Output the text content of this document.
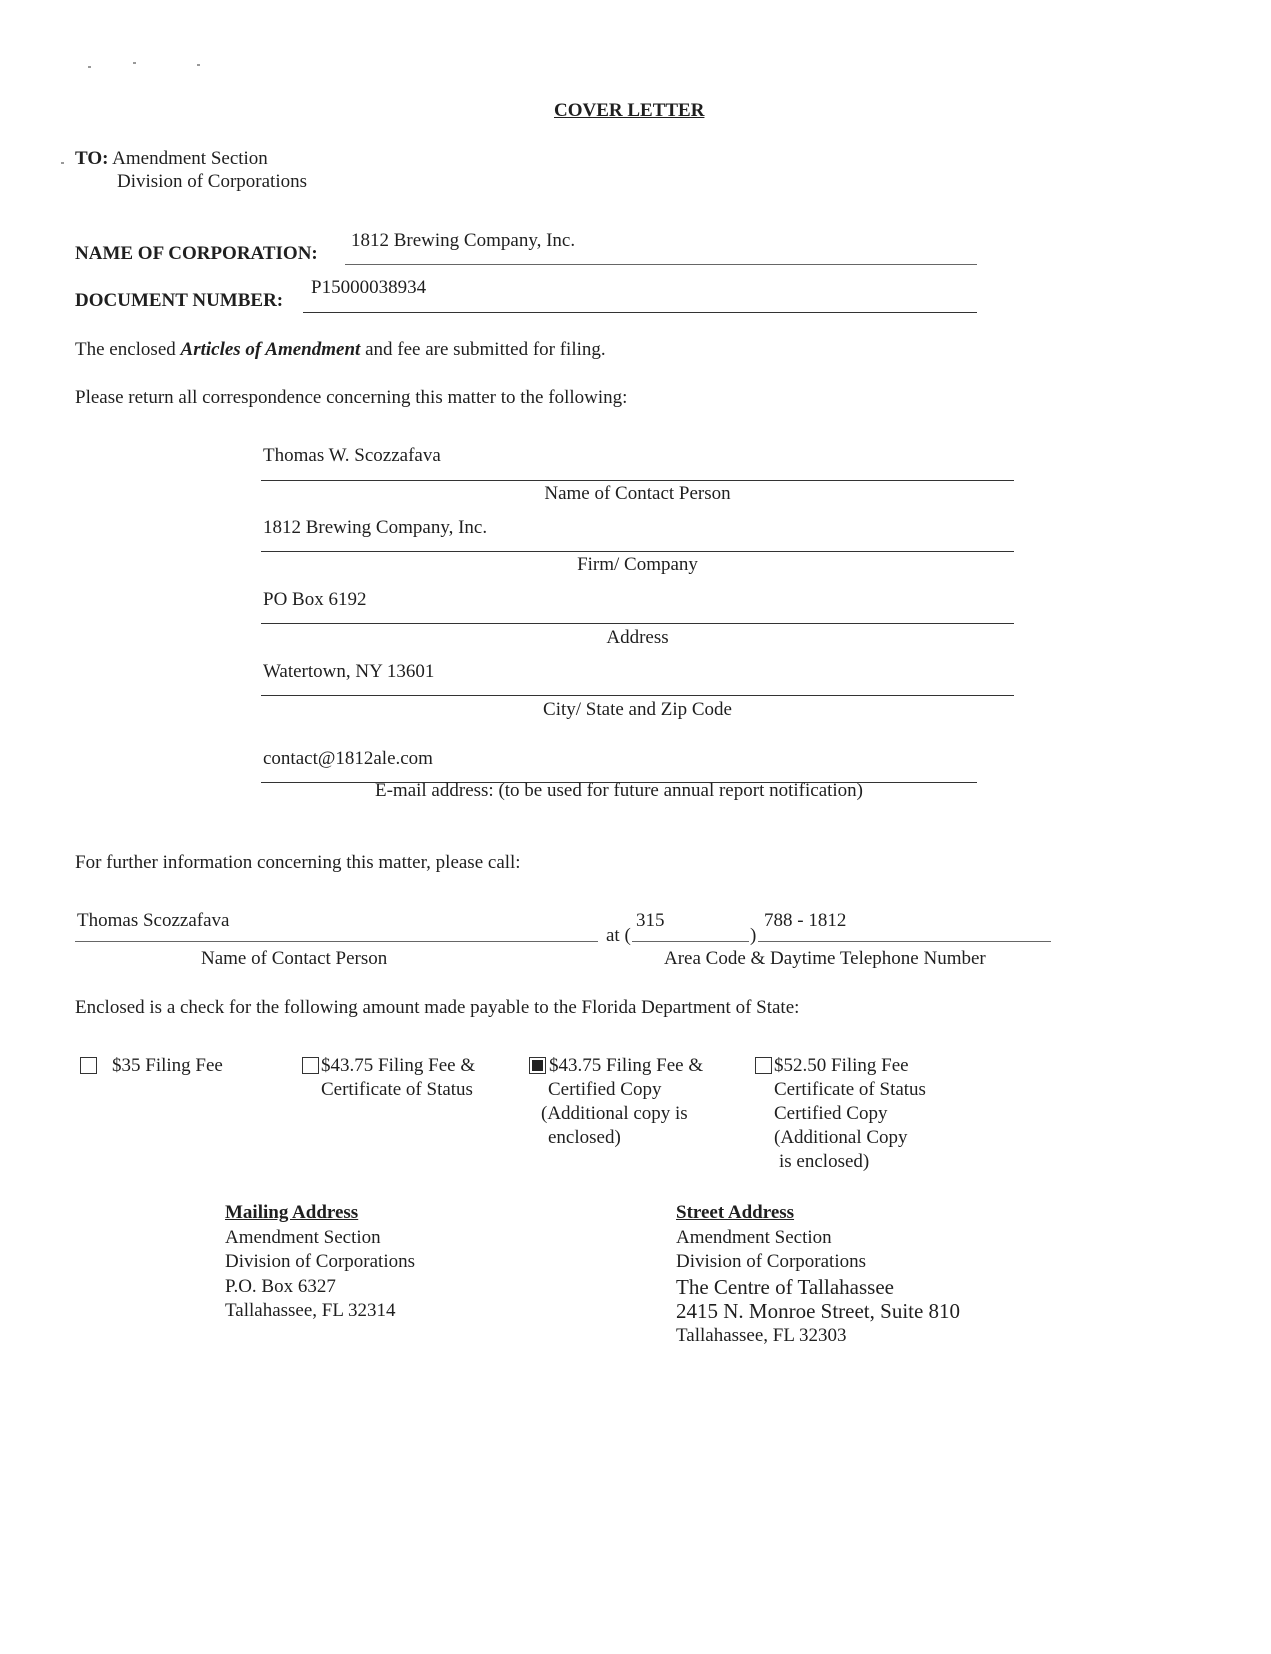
COVER LETTER
TO: Amendment Section
Division of Corporations
NAME OF CORPORATION:
1812 Brewing Company, Inc.
DOCUMENT NUMBER:
P15000038934
The enclosed Articles of Amendment and fee are submitted for filing.
Please return all correspondence concerning this matter to the following:
Thomas W. Scozzafava
Name of Contact Person
1812 Brewing Company, Inc.
Firm/ Company
PO Box 6192
Address
Watertown, NY 13601
City/ State and Zip Code
contact@1812ale.com
E-mail address: (to be used for future annual report notification)
For further information concerning this matter, please call:
Thomas Scozzafava
at (
315
)
788 - 1812
Name of Contact Person	Area Code & Daytime Telephone Number
Enclosed is a check for the following amount made payable to the Florida Department of State:
$35 Filing Fee	$43.75 Filing Fee &
Certificate of Status
$43.75 Filing Fee &
Certified Copy
(Additional copy is
enclosed)
$52.50 Filing Fee
Certificate of Status
Certified Copy
(Additional Copy
is enclosed)
Mailing Address
Amendment Section
Division of Corporations
P.O. Box 6327
Tallahassee, FL 32314
Street Address
Amendment Section
Division of Corporations
The Centre of Tallahassee
2415 N. Monroe Street, Suite 810
Tallahassee, FL 32303
